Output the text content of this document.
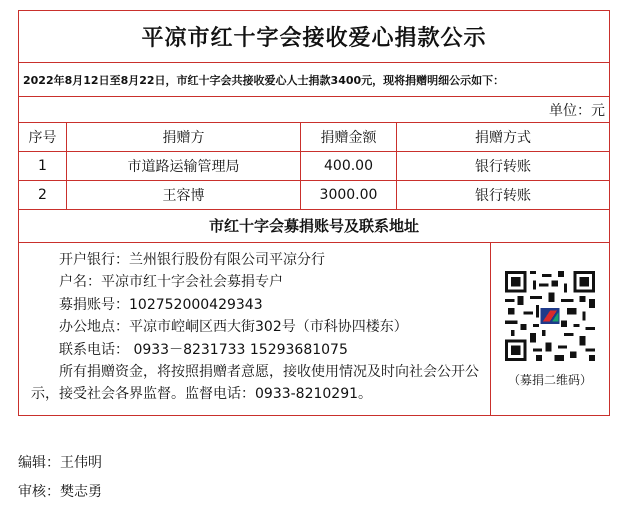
平凉市红十字会接收爱心捐款公示
2022年8月12日至8月22日，市红十字会共接收爱心人士捐款3400元，现将捐赠明细公示如下：
单位：元
序号	捐赠方	捐赠金额	捐赠方式
1	市道路运输管理局	400.00	银行转账
2	王容博	3000.00	银行转账
市红十字会募捐账号及联系地址
开户银行：兰州银行股份有限公司平凉分行
户名：平凉市红十字会社会募捐专户
募捐账号：102752000429343
办公地点：平凉市崆峒区西大街302号（市科协四楼东）
联系电话： 0933－8231733 15293681075
所有捐赠资金，将按照捐赠者意愿，接收使用情况及时向社会公开公示，接受社会各界监督。监督电话：0933-8210291。
（募捐二维码）
编辑：王伟明
审核：樊志勇
